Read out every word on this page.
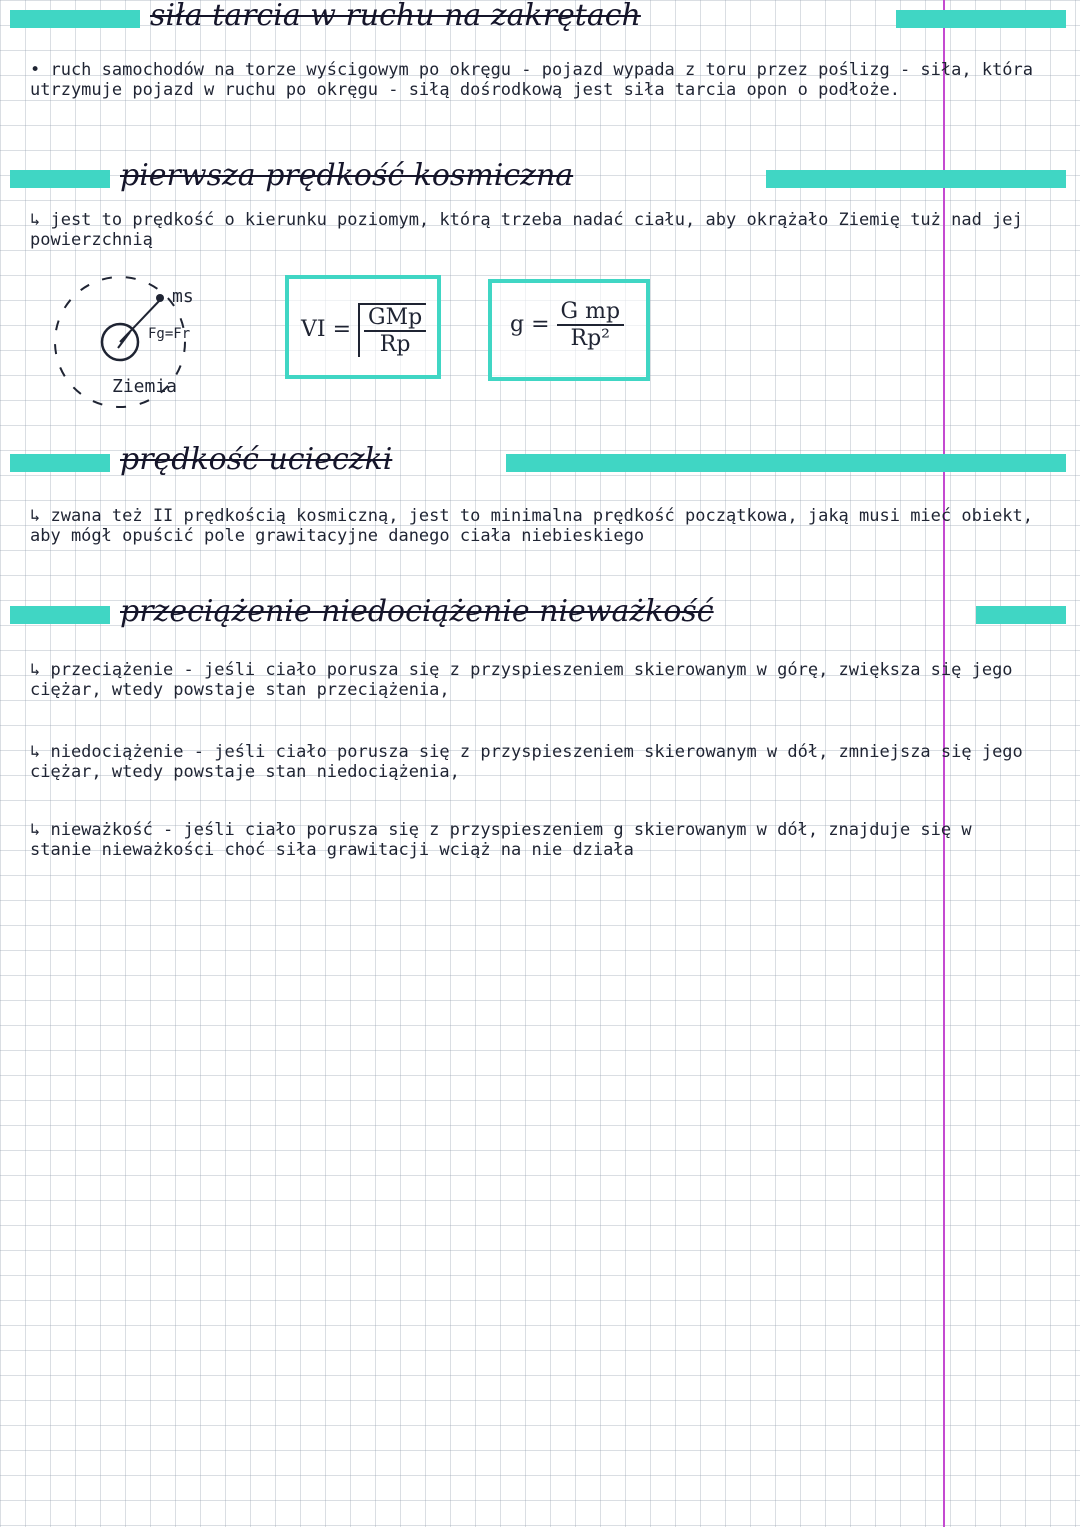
siła tarcia w ruchu na zakrętach
• ruch samochodów na torze wyścigowym po okręgu - pojazd wypada z toru przez poślizg - siła, która utrzymuje pojazd w ruchu po okręgu - siłą dośrodkową jest siła tarcia opon o podłoże.
pierwsza prędkość kosmiczna
↳ jest to prędkość o kierunku poziomym, którą trzeba nadać ciału, aby okrążało Ziemię tuż nad jej powierzchnią
ms
Fg=Fr
Ziemia
VI = $\frac{\text{GMp}}{Rp}$	$g = \frac{\text{G mp}}{\text{Rp²}}$
prędkość ucieczki
↳ zwana też II prędkością kosmiczną, jest to minimalna prędkość początkowa, jaką musi mieć obiekt, aby mógł opuścić pole grawitacyjne danego ciała niebieskiego
przeciążenie niedociążenie nieważkość
↳ przeciążenie - jeśli ciało porusza się z przyspieszeniem skierowanym w górę, zwiększa się jego ciężar, wtedy powstaje stan przeciążenia,
↳ niedociążenie - jeśli ciało porusza się z przyspieszeniem skierowanym w dół, zmniejsza się jego ciężar, wtedy powstaje stan niedociążenia,
↳ nieważkość - jeśli ciało porusza się z przyspieszeniem g skierowanym w dół, znajduje się w stanie nieważkości choć siła grawitacji wciąż na nie działa
